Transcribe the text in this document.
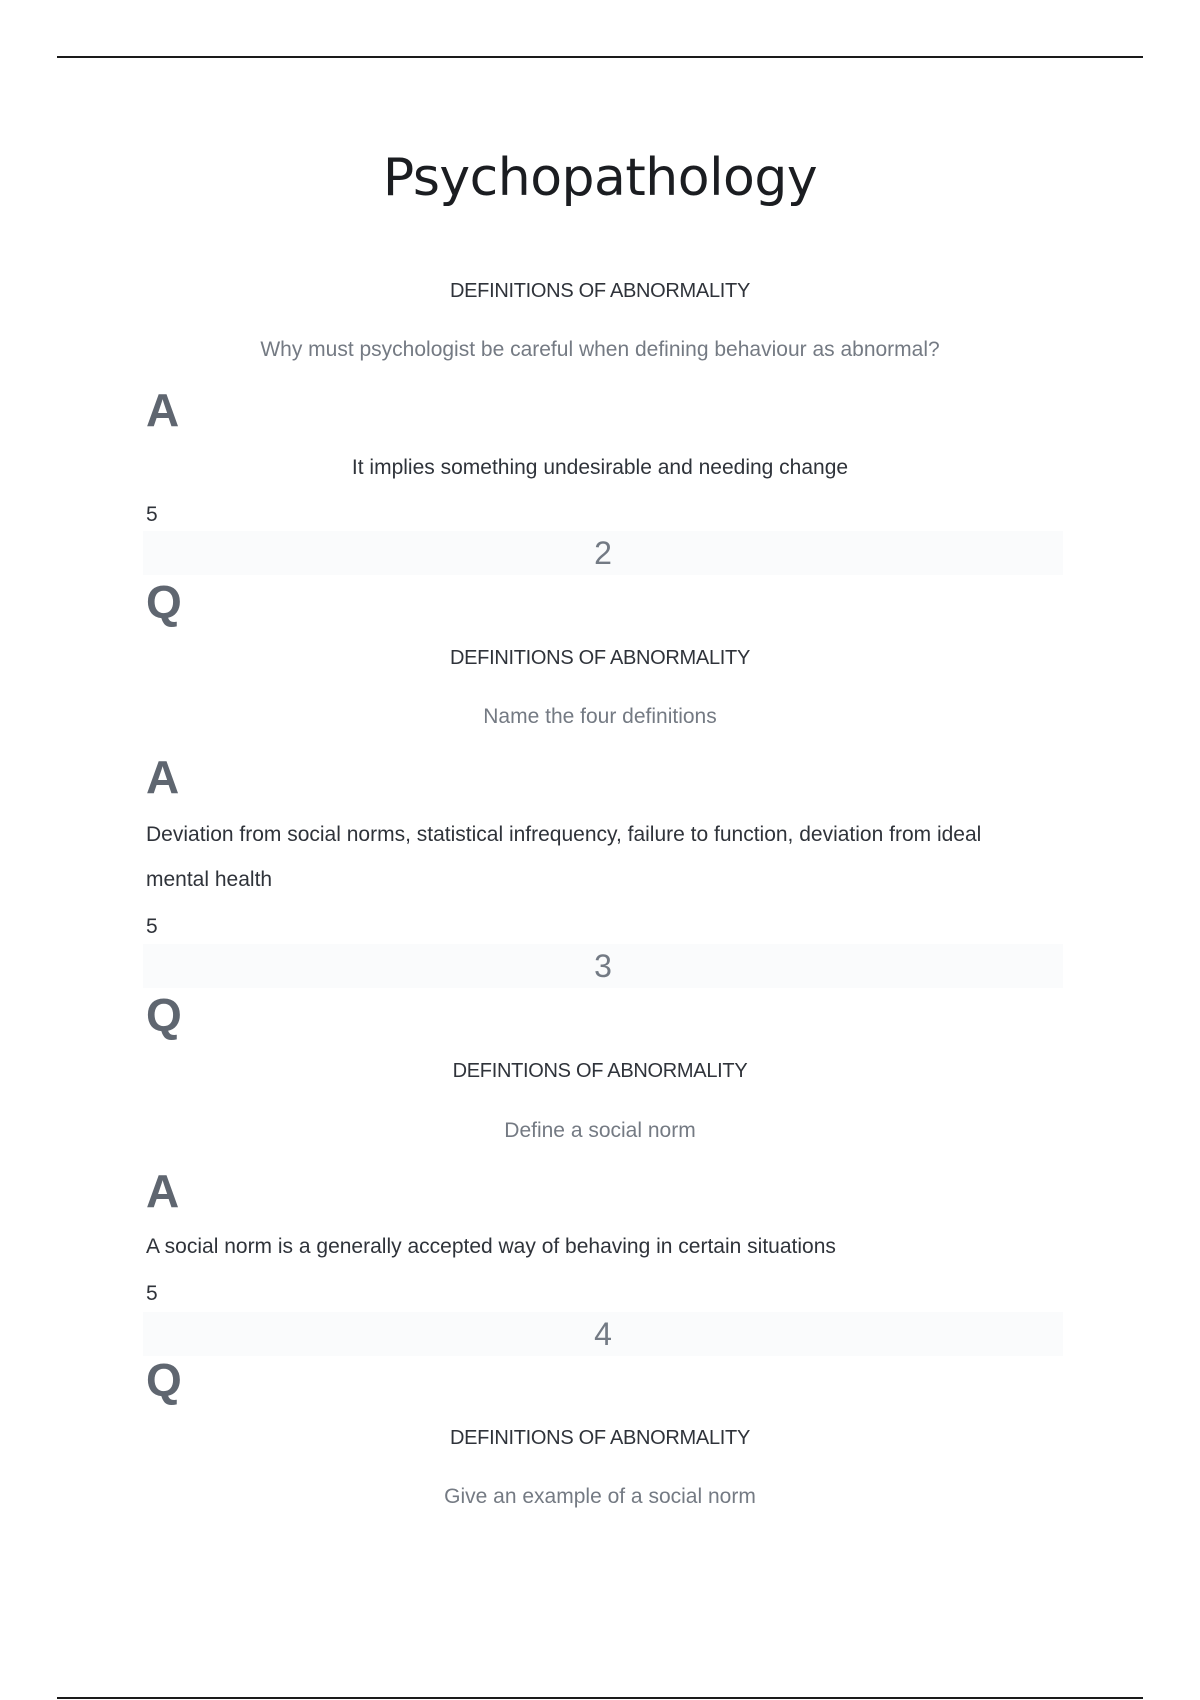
Psychopathology
DEFINITIONS OF ABNORMALITY
Why must psychologist be careful when defining behaviour as abnormal?
A
It implies something undesirable and needing change
5
2
Q
DEFINITIONS OF ABNORMALITY
Name the four definitions
A
Deviation from social norms, statistical infrequency, failure to function, deviation from ideal
mental health
5
3
Q
DEFINTIONS OF ABNORMALITY
Define a social norm
A
A social norm is a generally accepted way of behaving in certain situations
5
4
Q
DEFINITIONS OF ABNORMALITY
Give an example of a social norm
